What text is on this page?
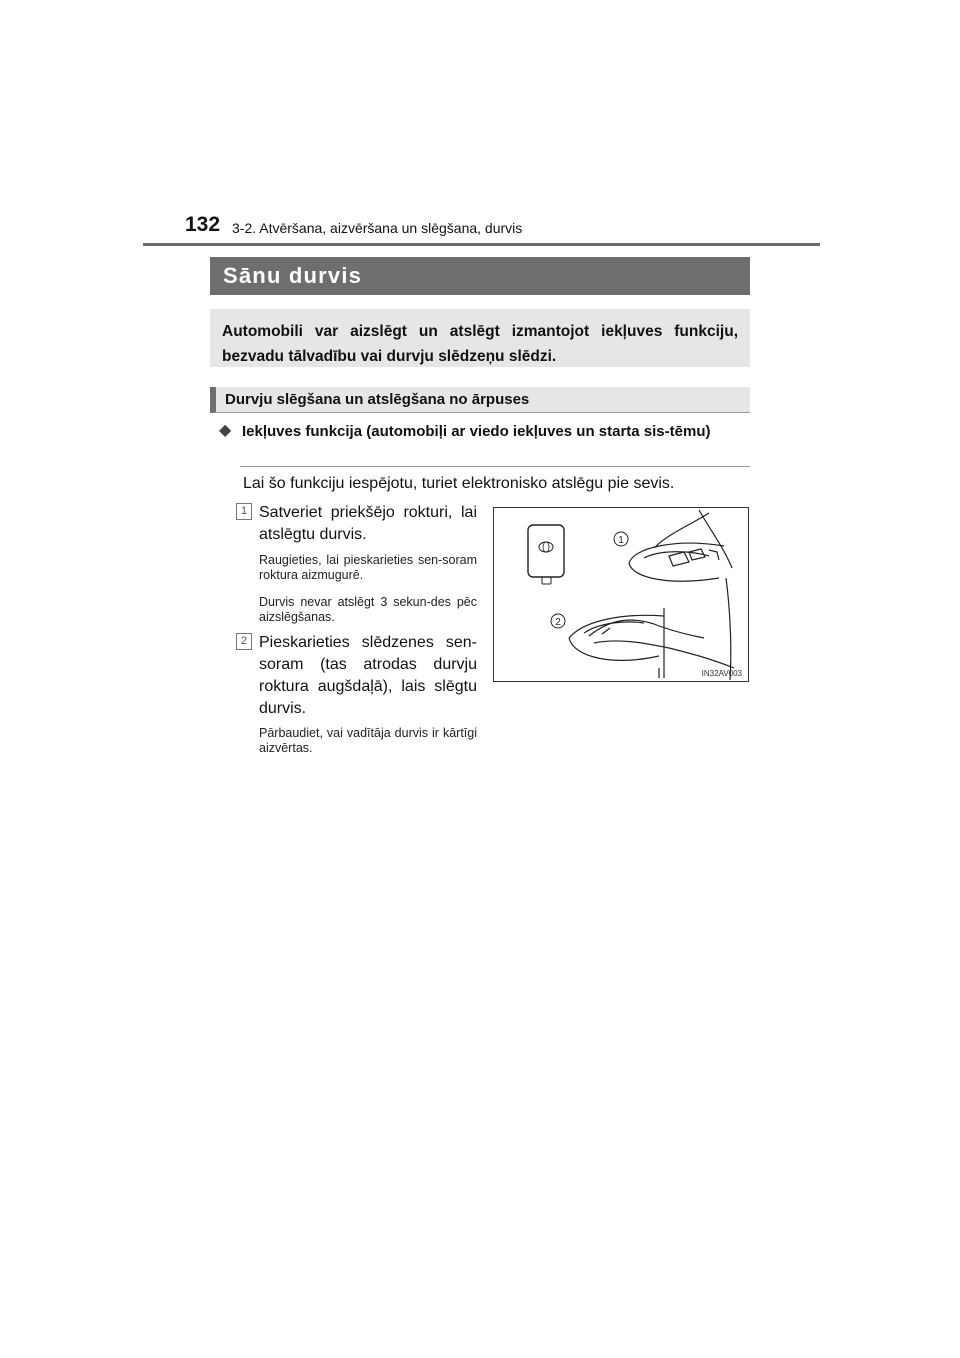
132 3-2. Atvēršana, aizvēršana un slēgšana, durvis
Sānu durvis
Automobili var aizslēgt un atslēgt izmantojot iekļuves funkciju, bezvadu tālvadību vai durvju slēdzeņu slēdzi.
Durvju slēgšana un atslēgšana no ārpuses
◆ Iekļuves funkcija (automobiļi ar viedo iekļuves un starta sis-tēmu)
Lai šo funkciju iespējotu, turiet elektronisko atslēgu pie sevis.
1 Satveriet priekšējo rokturi, lai atslēgtu durvis.
Raugieties, lai pieskarieties sen-soram roktura aizmugurē.
Durvis nevar atslēgt 3 sekun-des pēc aizslēgšanas.
2 Pieskarieties slēdzenes sen-soram (tas atrodas durvju roktura augšdaļā), lais slēgtu durvis.
Pārbaudiet, vai vadītāja durvis ir kārtīgi aizvērtas.
1
2
IN32AV003
